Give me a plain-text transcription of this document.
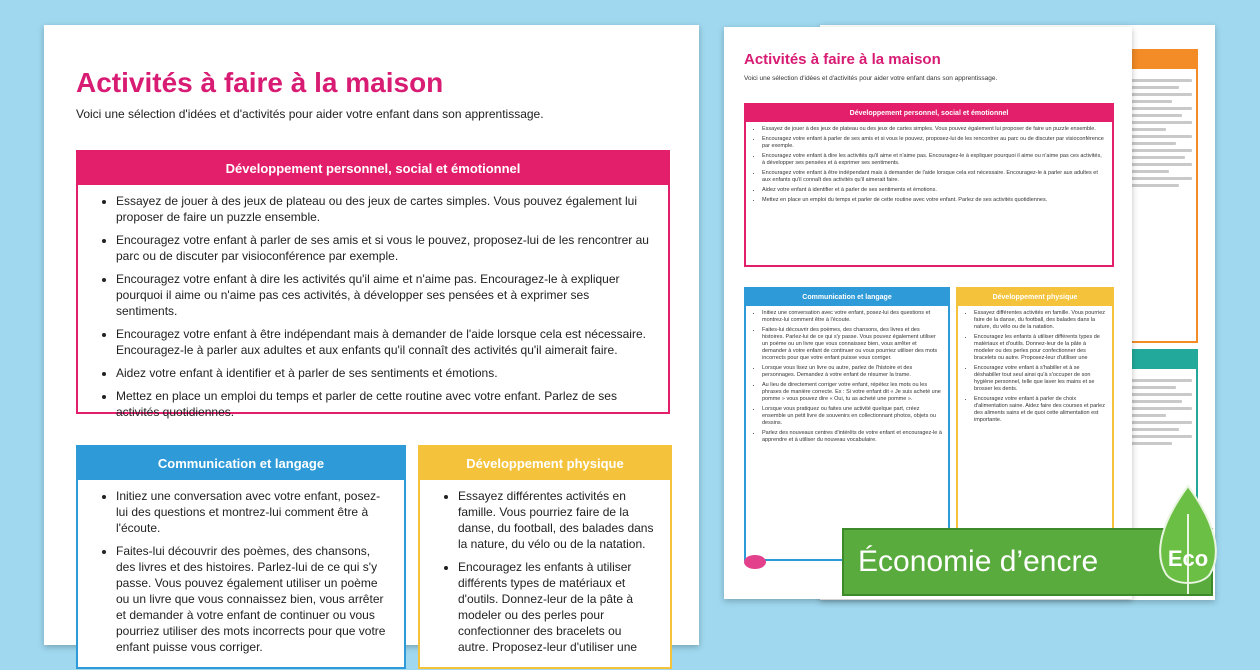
Activités à faire à la maison
Voici une sélection d'idées et d'activités pour aider votre enfant dans son apprentissage.
Développement personnel, social et émotionnel
• Essayez de jouer à des jeux de plateau ou des jeux de cartes simples. Vous pouvez également lui proposer de faire un puzzle ensemble.
• Encouragez votre enfant à parler de ses amis et si vous le pouvez, proposez-lui de les rencontrer au parc ou de discuter par visioconférence par exemple.
• Encouragez votre enfant à dire les activités qu'il aime et n'aime pas. Encouragez-le à expliquer pourquoi il aime ou n'aime pas ces activités, à développer ses pensées et à exprimer ses sentiments.
• Encouragez votre enfant à être indépendant mais à demander de l'aide lorsque cela est nécessaire. Encouragez-le à parler aux adultes et aux enfants qu'il connaît des activités qu'il aimerait faire.
• Aidez votre enfant à identifier et à parler de ses sentiments et émotions.
• Mettez en place un emploi du temps et parler de cette routine avec votre enfant. Parlez de ses activités quotidiennes.
Communication et langage
• Initiez une conversation avec votre enfant, posez-lui des questions et montrez-lui comment être à l'écoute.
• Faites-lui découvrir des poèmes, des chansons, des livres et des histoires. Parlez-lui de ce qui s'y passe. Vous pouvez également utiliser un poème ou un livre que vous connaissez bien, vous arrêter et demander à votre enfant de continuer ou vous pourriez utiliser des mots incorrects pour que votre enfant puisse vous corriger.
• Lorsque vous lisez un livre ou autre, parlez de l'histoire et des personnages. Demandez à votre enfant de résumer la trame.
• Au lieu de directement corriger votre enfant, répétez les mots ou les phrases de manière correcte. Ex : Si votre enfant dit « Je suis acheté une pomme » vous pouvez dire « Oui, tu as acheté une pomme ».
• Lorsque vous pratiquez ou faites une activité quelque part, créez ensemble un petit livre de souvenirs en collectionnant photos, objets ou dessins.
• Parlez des nouveaux centres d'intérêts de votre enfant et encouragez-le à apprendre et à utiliser du nouveau vocabulaire.
Développement physique
• Essayez différentes activités en famille. Vous pourriez faire de la danse, du football, des balades dans la nature, du vélo ou de la natation.
• Encouragez les enfants à utiliser différents types de matériaux et d'outils. Donnez-leur de la pâte à modeler ou des perles pour confectionner des bracelets ou autre. Proposez-leur d'utiliser une
• Encouragez votre enfant à s'habiller et à se déshabiller tout seul ainsi qu'à s'occuper de son hygiène personnel, telle que laver les mains et se brosser les dents.
• Encouragez votre enfant à parler de choix d'alimentation saine. Aidez faire des courses et parlez des aliments sains et de quoi cette alimentation est importante.
Activités à faire à la maison
Voici une sélection d'idées et d'activités pour aider votre enfant dans son apprentissage.
Développement personnel, social et émotionnel
• Essayez de jouer à des jeux de plateau ou des jeux de cartes simples. Vous pouvez également lui proposer de faire un puzzle ensemble.
• Encouragez votre enfant à parler de ses amis et si vous le pouvez, proposez-lui de les rencontrer au parc ou de discuter par visioconférence par exemple.
• Encouragez votre enfant à dire les activités qu'il aime et n'aime pas. Encouragez-le à expliquer pourquoi il aime ou n'aime pas ces activités, à développer ses pensées et à exprimer ses sentiments.
• Encouragez votre enfant à être indépendant mais à demander de l'aide lorsque cela est nécessaire. Encouragez-le à parler aux adultes et aux enfants qu'il connaît des activités qu'il aimerait faire.
• Aidez votre enfant à identifier et à parler de ses sentiments et émotions.
• Mettez en place un emploi du temps et parler de cette routine avec votre enfant. Parlez de ses activités quotidiennes.
Communication et langage
• Initiez une conversation avec votre enfant, posez-lui des questions et montrez-lui comment être à l'écoute.
• Faites-lui découvrir des poèmes, des chansons, des livres et des histoires. Parlez-lui de ce qui s'y passe. Vous pouvez également utiliser un poème ou un livre que vous connaissez bien, vous arrêter et demander à votre enfant de continuer ou vous pourriez utiliser des mots incorrects pour que votre enfant puisse vous corriger.
Développement physique
• Essayez différentes activités en famille. Vous pourriez faire de la danse, du football, des balades dans la nature, du vélo ou de la natation.
• Encouragez les enfants à utiliser différents types de matériaux et d'outils. Donnez-leur de la pâte à modeler ou des perles pour confectionner des bracelets ou autre. Proposez-leur d'utiliser une
Économie d’encre	Eco
